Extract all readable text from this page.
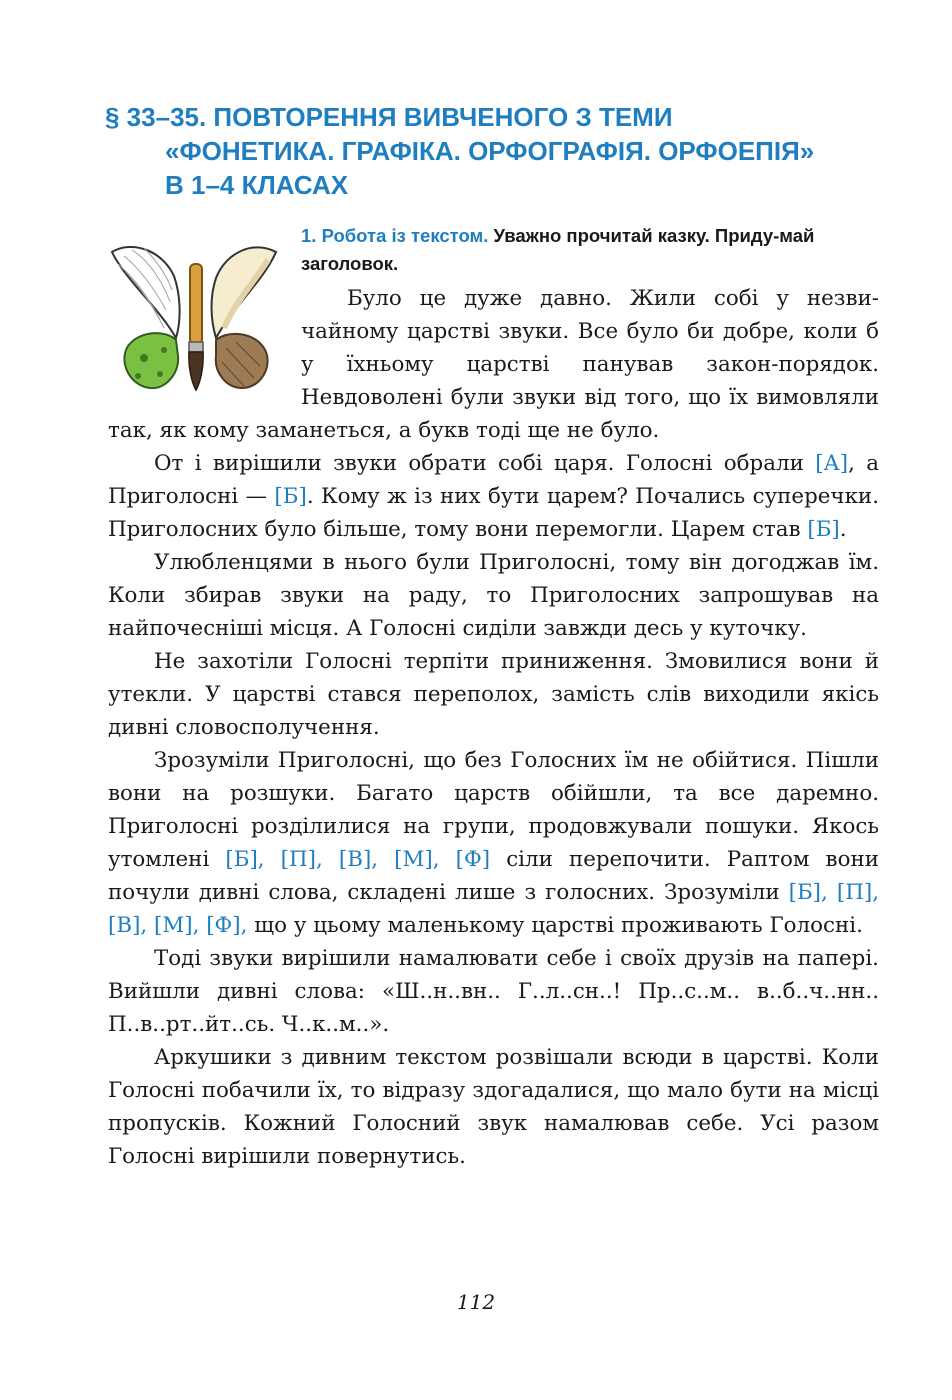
§ 33–35. ПОВТОРЕННЯ ВИВЧЕНОГО З ТЕМИ
«ФОНЕТИКА. ГРАФІКА. ОРФОГРАФІЯ. ОРФОЕПІЯ»
В 1–4 КЛАСАХ
1. Робота із текстом. Уважно прочитай казку. Приду-май заголовок.

Було це дуже давно. Жили собі у незвичайному царстві звуки. Все було би добре, коли б у їхньому царстві панував закон-порядок. Невдоволені були звуки від того, що їх вимовляли так, як кому заманеться, а букв тоді ще не було.

От і вирішили звуки обрати собі царя. Голосні обрали [А], а Приголосні — [Б]. Кому ж із них бути царем? Почались суперечки. Приголосних було більше, тому вони перемогли. Царем став [Б].

Улюбленцями в нього були Приголосні, тому він догоджав їм. Коли збирав звуки на раду, то Приголосних запрошував на найпочесніші місця. А Голосні сиділи завжди десь у куточку.

Не захотіли Голосні терпіти приниження. Змовилися вони й утекли. У царстві стався переполох, замість слів виходили якісь дивні словосполучення.

Зрозуміли Приголосні, що без Голосних їм не обійтися. Пішли вони на розшуки. Багато царств обійшли, та все даремно. Приголосні розділилися на групи, продовжували пошуки. Якось утомлені [Б], [П], [В], [М], [Ф] сіли перепочити. Раптом вони почули дивні слова, складені лише з голосних. Зрозуміли [Б], [П], [В], [М], [Ф], що у цьому маленькому царстві проживають Голосні.

Тоді звуки вирішили намалювати себе і своїх друзів на папері. Вийшли дивні слова: «Ш..н..вн.. Г..л..сн..! Пр..с..м.. в..б..ч..нн.. П..в..рт..йт..сь. Ч..к..м..».

Аркушики з дивним текстом розвішали всюди в царстві. Коли Голосні побачили їх, то відразу здогадалися, що мало бути на місці пропусків. Кожний Голосний звук намалював себе. Усі разом Голосні вирішили повернутись.

112
